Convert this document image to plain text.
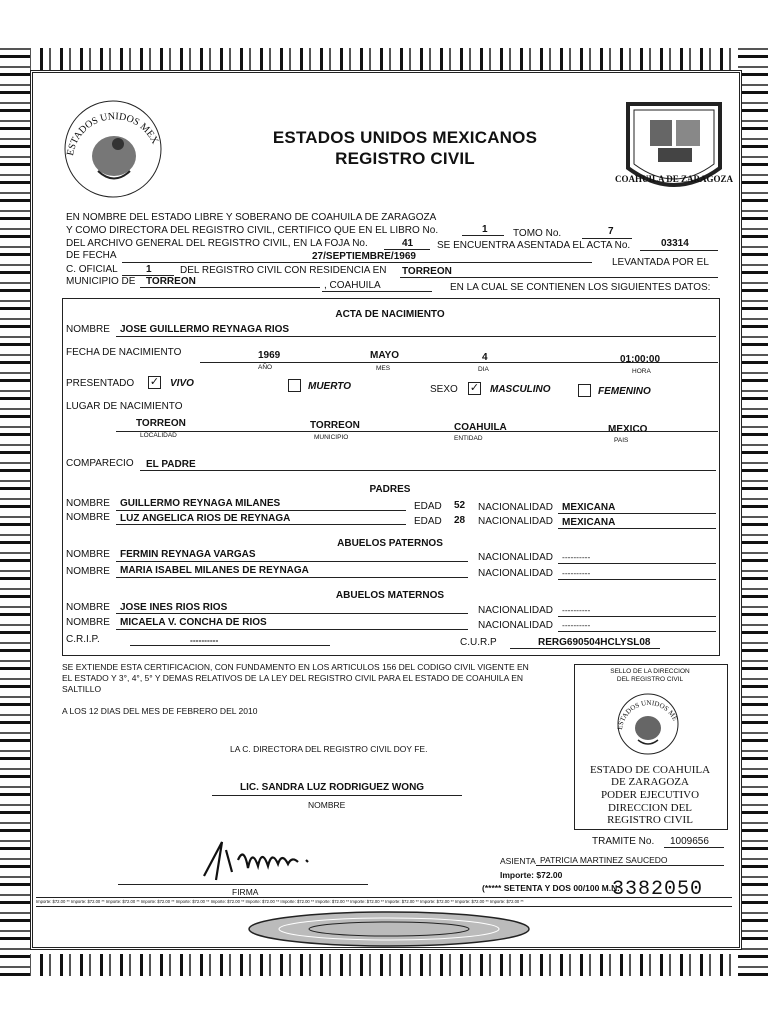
ESTADOS UNIDOS MEX
COAHUILA DE ZARAGOZA
ESTADOS UNIDOS MEXICANOS
REGISTRO CIVIL
EN NOMBRE DEL ESTADO LIBRE Y SOBERANO DE COAHUILA DE ZARAGOZA
Y COMO DIRECTORA DEL REGISTRO CIVIL, CERTIFICO QUE EN EL LIBRO No.	1	TOMO No.	7
DEL ARCHIVO GENERAL DEL REGISTRO CIVIL, EN LA FOJA No.	41 SE ENCUENTRA ASENTADA EL ACTA No.	03314
DE FECHA	27/SEPTIEMBRE/1969
LEVANTADA POR EL
C. OFICIAL	1	DEL REGISTRO CIVIL CON RESIDENCIA EN TORREON
MUNICIPIO DE TORREON	, COAHUILA	EN LA CUAL SE CONTIENEN LOS SIGUIENTES DATOS:
ACTA DE NACIMIENTO
NOMBRE JOSE GUILLERMO REYNAGA RIOS
FECHA DE NACIMIENTO	1969	MAYO	4	01:00:00
AÑO	MES	DIA	HORA
PRESENTADO ✓ VIVO	MUERTO	SEXO ✓ MASCULINO	FEMENINO
LUGAR DE NACIMIENTO
TORREON	TORREON	COAHUILA	MEXICO
LOCALIDAD	MUNICIPIO	ENTIDAD	PAIS
COMPARECIO EL PADRE
PADRES
NOMBRE GUILLERMO REYNAGA MILANES	EDAD 52 NACIONALIDAD MEXICANA
NOMBRE LUZ ANGELICA RIOS DE REYNAGA	EDAD 28 NACIONALIDAD MEXICANA
ABUELOS PATERNOS
NOMBRE FERMIN REYNAGA VARGAS	NACIONALIDAD ----------
NOMBRE MARIA ISABEL MILANES DE REYNAGA	NACIONALIDAD ----------
ABUELOS MATERNOS
NOMBRE JOSE INES RIOS RIOS	NACIONALIDAD ----------
NOMBRE MICAELA V. CONCHA DE RIOS	NACIONALIDAD ----------
C.R.I.P.	----------	C.U.R.P	RERG690504HCLYSL08
SE EXTIENDE ESTA CERTIFICACION, CON FUNDAMENTO EN LOS ARTICULOS 156 DEL CODIGO CIVIL VIGENTE EN
EL ESTADO Y 3°, 4°, 5° Y DEMAS RELATIVOS DE LA LEY DEL REGISTRO CIVIL PARA EL ESTADO DE COAHUILA EN
SALTILLO
A LOS 12 DIAS DEL MES DE FEBRERO DEL 2010
LA C. DIRECTORA DEL REGISTRO CIVIL DOY FE.
LIC. SANDRA LUZ RODRIGUEZ WONG
NOMBRE
FIRMA
SELLO DE LA DIRECCION
DEL REGISTRO CIVIL
ESTADOS UNIDOS ME
ESTADO DE COAHUILA
DE ZARAGOZA
PODER EJECUTIVO
DIRECCION DEL
REGISTRO CIVIL
TRAMITE No. 1009656
ASIENTA PATRICIA MARTINEZ SAUCEDO
Importe: $72.00
(***** SETENTA Y DOS 00/100 M.N.
3382050
Importe: $72.00 ** Importe: $72.00 ** Importe: $72.00 ** Importe: $72.00 ** Importe: $72.00 ** Importe: $72.00 ** Importe: $72.00 ** Importe: $72.00 ** Importe: $72.00 ** Importe: $72.00 ** Importe: $72.00 ** Importe: $72.00 ** Importe: $72.00 ** Importe: $72.00 **
